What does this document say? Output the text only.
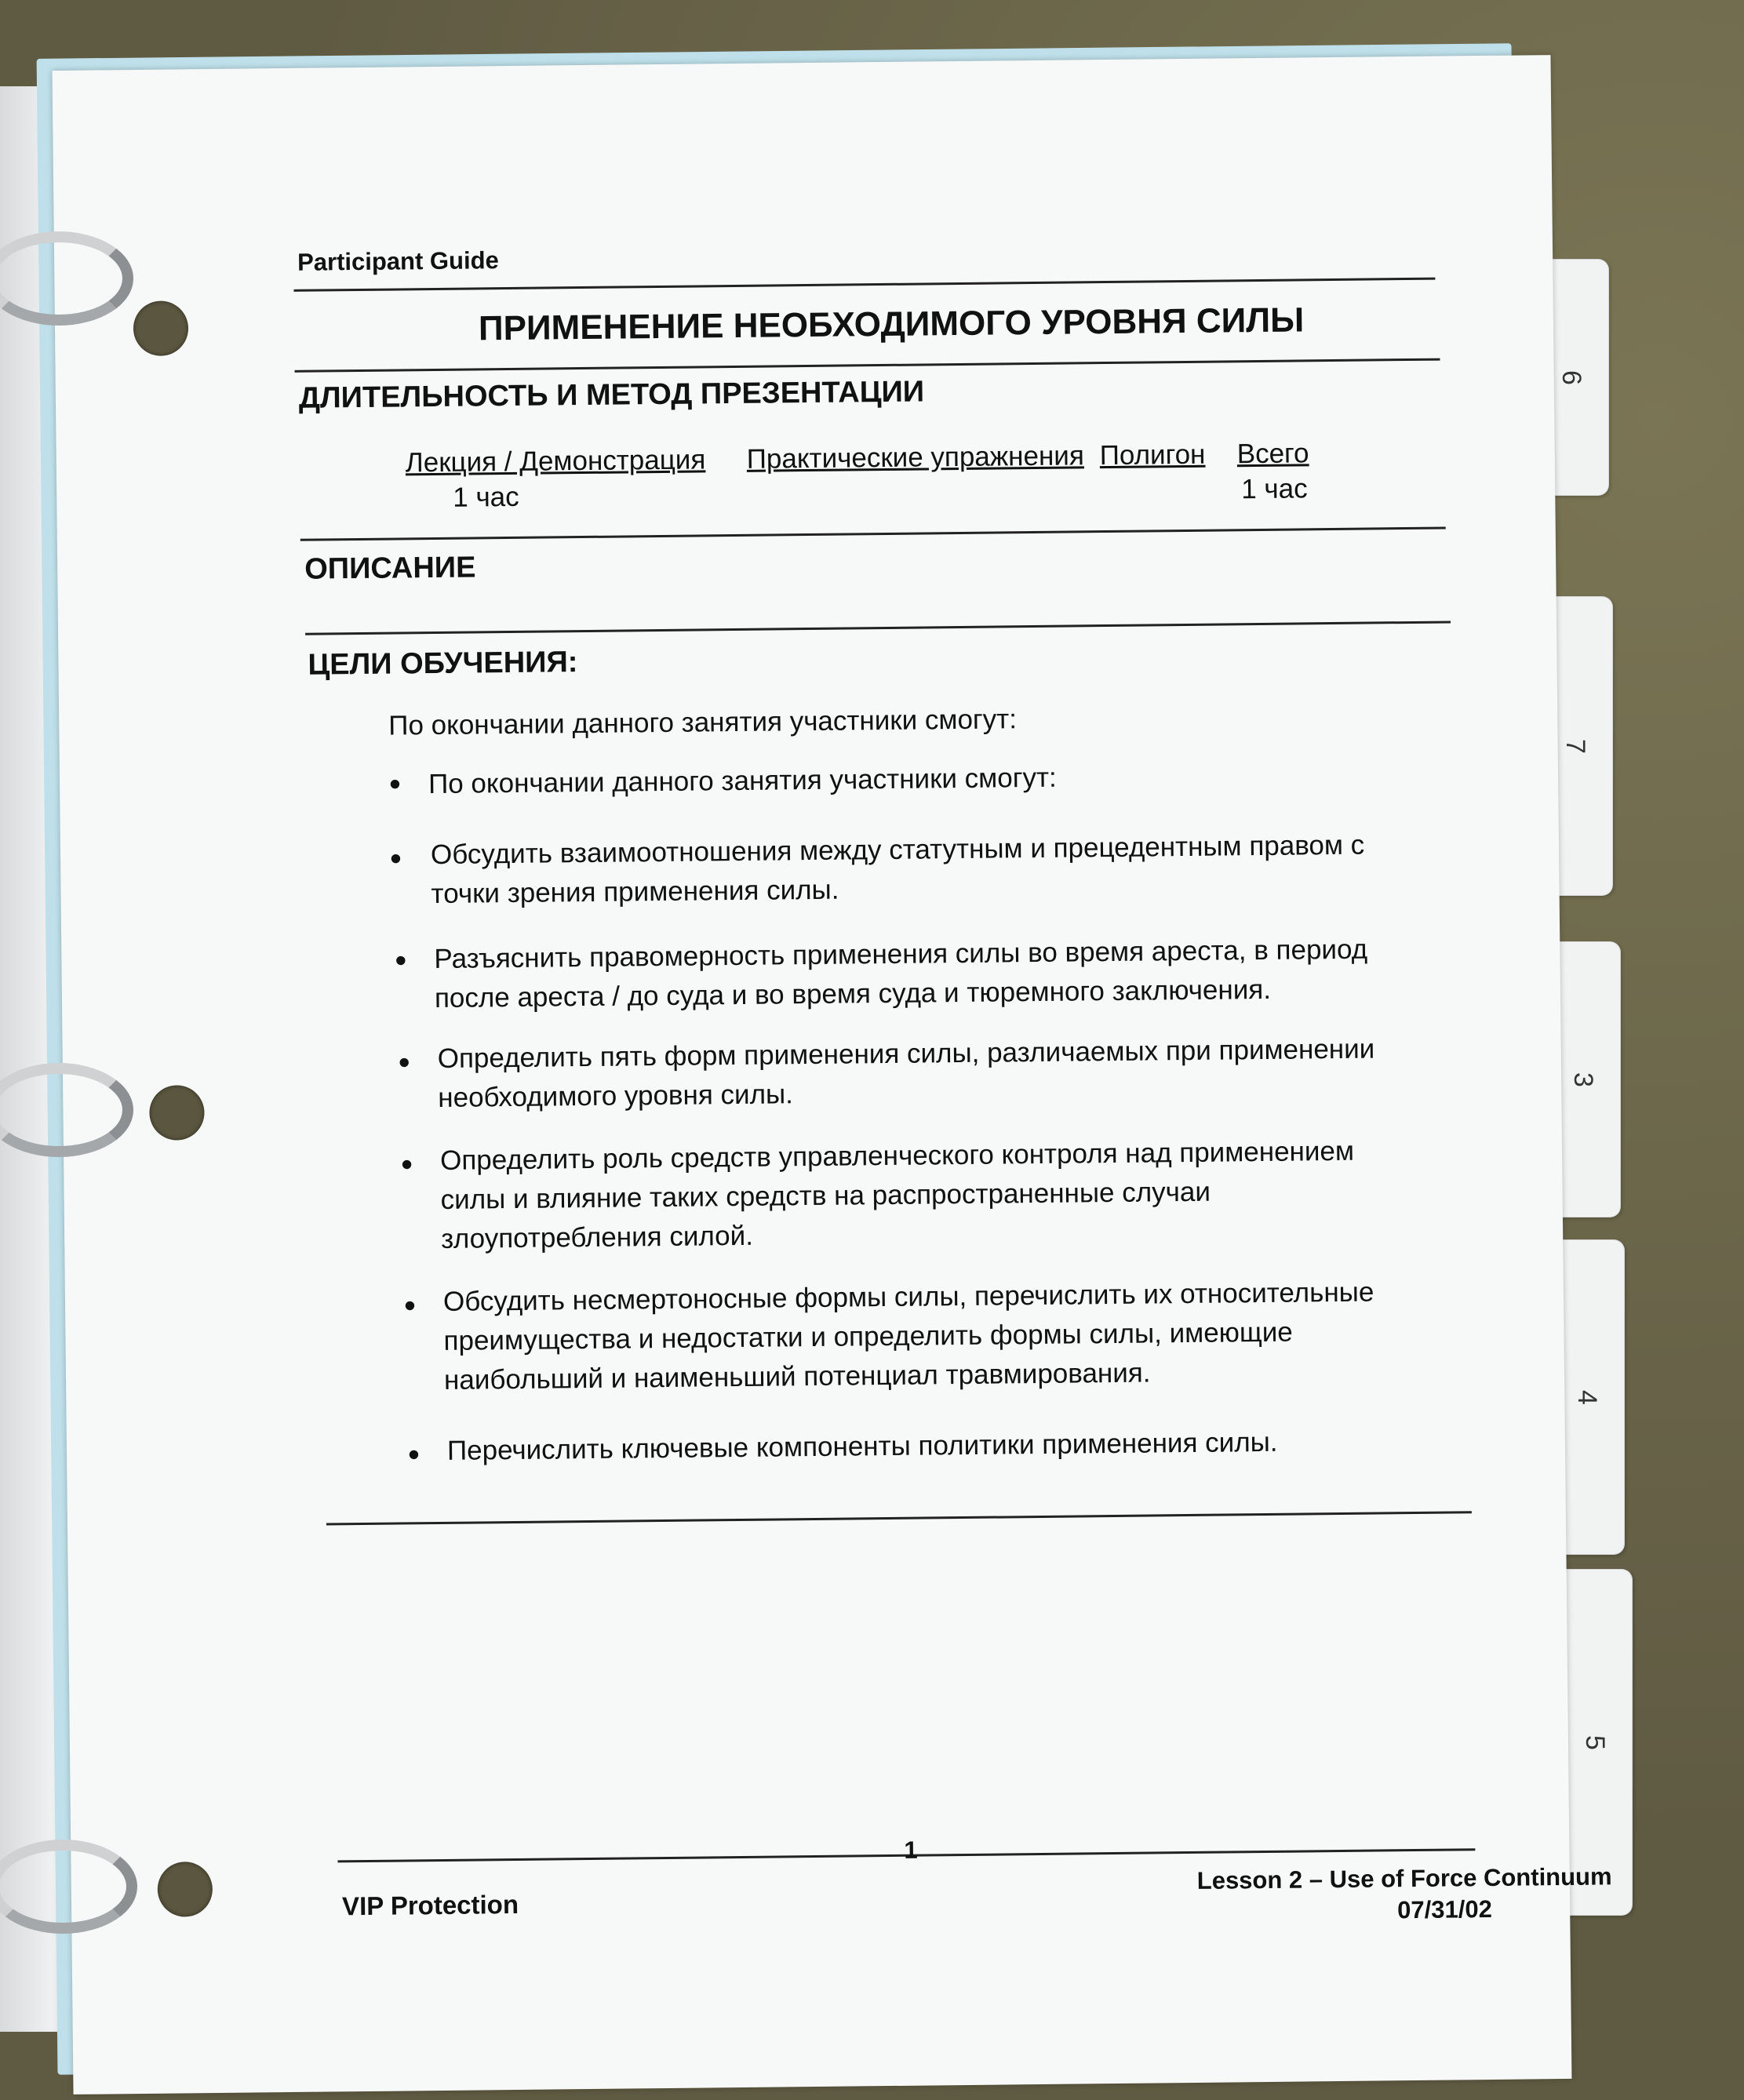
6
7
3
4
5
Participant Guide
ПРИМЕНЕНИЕ НЕОБХОДИМОГО УРОВНЯ СИЛЫ
ДЛИТЕЛЬНОСТЬ И МЕТОД ПРЕЗЕНТАЦИИ
Лекция / Демонстрация Практические упражнения Полигон Всего
1 час	1 час
ОПИСАНИЕ
ЦЕЛИ ОБУЧЕНИЯ:
По окончании данного занятия участники смогут:
• По окончании данного занятия участники смогут:
• Обсудить взаимоотношения между статутным и прецедентным правом с
точки зрения применения силы.
• Разъяснить правомерность применения силы во время ареста, в период
после ареста / до суда и во время суда и тюремного заключения.
• Определить пять форм применения силы, различаемых при применении
необходимого уровня силы.
• Определить роль средств управленческого контроля над применением
силы и влияние таких средств на распространенные случаи
злоупотребления силой.
• Обсудить несмертоносные формы силы, перечислить их относительные
преимущества и недостатки и определить формы силы, имеющие
наибольший и наименьший потенциал травмирования.
• Перечислить ключевые компоненты политики применения силы.
1
Lesson 2 – Use of Force Continuum
07/31/02
VIP Protection
